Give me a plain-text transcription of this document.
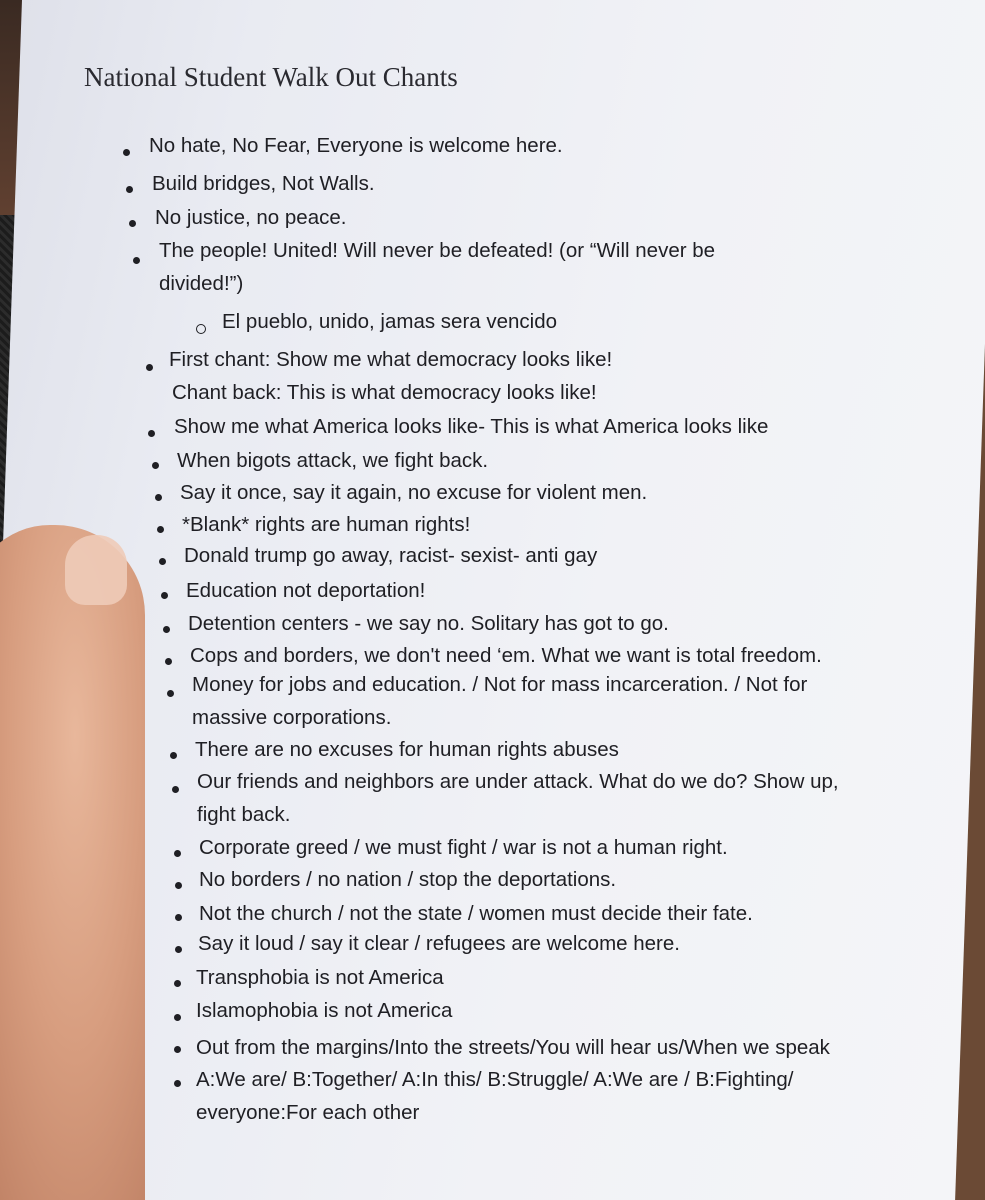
National Student Walk Out Chants
No hate, No Fear, Everyone is welcome here.
Build bridges, Not Walls.
No justice, no peace.
The people! United! Will never be defeated! (or “Will never be
divided!”)
El pueblo, unido, jamas sera vencido
First chant: Show me what democracy looks like!
Chant back: This is what democracy looks like!
Show me what America looks like- This is what America looks like
When bigots attack, we fight back.
Say it once, say it again, no excuse for violent men.
*Blank* rights are human rights!
Donald trump go away, racist- sexist- anti gay
Education not deportation!
Detention centers - we say no. Solitary has got to go.
Cops and borders, we don't need ‘em. What we want is total freedom.
Money for jobs and education. / Not for mass incarceration. / Not for
massive corporations.
There are no excuses for human rights abuses
Our friends and neighbors are under attack. What do we do? Show up,
fight back.
Corporate greed / we must fight / war is not a human right.
No borders / no nation / stop the deportations.
Not the church / not the state / women must decide their fate.
Say it loud / say it clear / refugees are welcome here.
Transphobia is not America
Islamophobia is not America
Out from the margins/Into the streets/You will hear us/When we speak
A:We are/ B:Together/ A:In this/ B:Struggle/ A:We are / B:Fighting/
everyone:For each other
